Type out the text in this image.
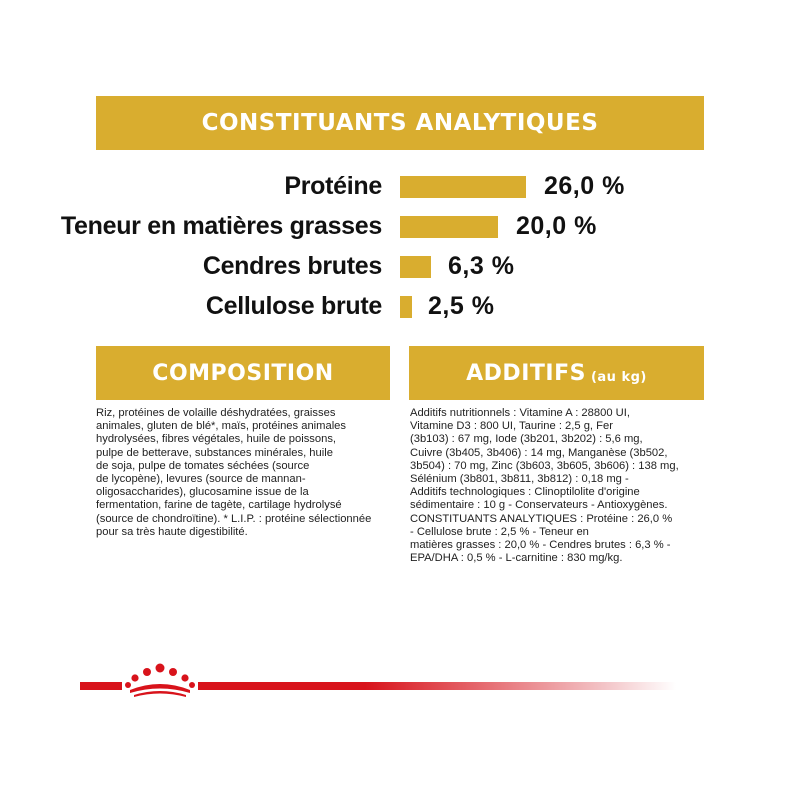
CONSTITUANTS ANALYTIQUES
Protéine	26,0 %
Teneur en matières grasses	20,0 %
Cendres brutes	6,3 %
Cellulose brute 2,5 %
COMPOSITION	ADDITIFS (au kg)
Riz, protéines de volaille déshydratées, graisses
animales, gluten de blé*, maïs, protéines animales
hydrolysées, fibres végétales, huile de poissons,
pulpe de betterave, substances minérales, huile
de soja, pulpe de tomates séchées (source
de lycopène), levures (source de mannan-
oligosaccharides), glucosamine issue de la
fermentation, farine de tagète, cartilage hydrolysé
(source de chondroïtine). * L.I.P. : protéine sélectionnée
pour sa très haute digestibilité.
Additifs nutritionnels : Vitamine A : 28800 UI,
Vitamine D3 : 800 UI, Taurine : 2,5 g, Fer
(3b103) : 67 mg, Iode (3b201, 3b202) : 5,6 mg,
Cuivre (3b405, 3b406) : 14 mg, Manganèse (3b502,
3b504) : 70 mg, Zinc (3b603, 3b605, 3b606) : 138 mg,
Sélénium (3b801, 3b811, 3b812) : 0,18 mg -
Additifs technologiques : Clinoptilolite d'origine
sédimentaire : 10 g - Conservateurs - Antioxygènes.
CONSTITUANTS ANALYTIQUES : Protéine : 26,0 %
- Cellulose brute : 2,5 % - Teneur en
matières grasses : 20,0 % - Cendres brutes : 6,3 % -
EPA/DHA : 0,5 % - L-carnitine : 830 mg/kg.
